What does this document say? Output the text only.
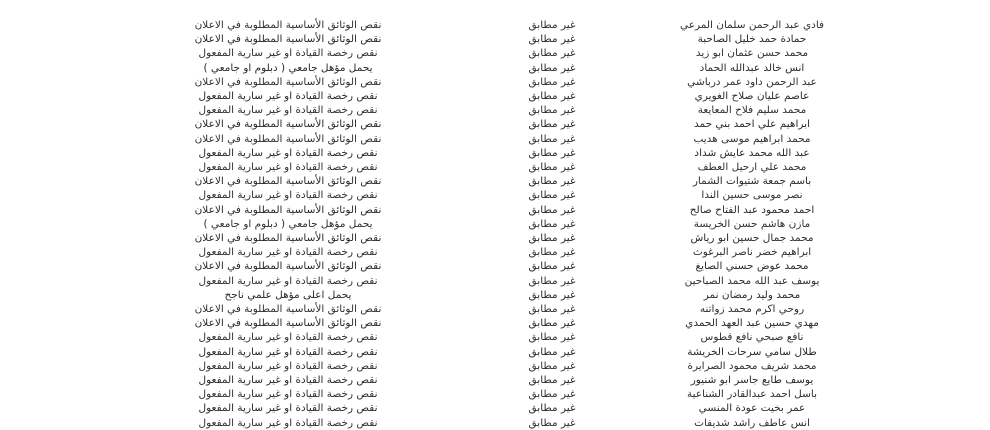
فادي عبد الرحمن سلمان المرعي	غير مطابق	نقص الوثائق الأساسية المطلوبة في الاعلان
حمادة حمد خليل الصاحبة	غير مطابق	نقص الوثائق الأساسية المطلوبة في الاعلان
محمد حسن عثمان ابو زيد	غير مطابق	نقص رخصة القيادة او غير سارية المفعول
انس خالد عبدالله الحماد	غير مطابق	يحمل مؤهل جامعي ( دبلوم او جامعي )
عبد الرحمن داود عمر درباشي	غير مطابق	نقص الوثائق الأساسية المطلوبة في الاعلان
عاصم عليان صلاح الغويري	غير مطابق	نقص رخصة القيادة او غير سارية المفعول
محمد سليم فلاح المعايعة	غير مطابق	نقص رخصة القيادة او غير سارية المفعول
ابراهيم علي احمد بني حمد	غير مطابق	نقص الوثائق الأساسية المطلوبة في الاعلان
محمد ابراهيم موسى هديب	غير مطابق	نقص الوثائق الأساسية المطلوبة في الاعلان
عبد الله محمد عايش شداد	غير مطابق	نقص رخصة القيادة او غير سارية المفعول
محمد علي ارحيل العطف	غير مطابق	نقص رخصة القيادة او غير سارية المفعول
باسم جمعة شتيوات الشمار	غير مطابق	نقص الوثائق الأساسية المطلوبة في الاعلان
نصر موسى حسين الندا	غير مطابق	نقص رخصة القيادة او غير سارية المفعول
احمد محمود عبد الفتاح صالح	غير مطابق	نقص الوثائق الأساسية المطلوبة في الاعلان
مازن هاشم حسن الخريسة	غير مطابق	يحمل مؤهل جامعي ( دبلوم او جامعي )
محمد جمال حسين ابو رياش	غير مطابق	نقص الوثائق الأساسية المطلوبة في الاعلان
ابراهيم خضر ناصر البرغوث	غير مطابق	نقص رخصة القيادة او غير سارية المفعول
محمد عوض حسني الصايغ	غير مطابق	نقص الوثائق الأساسية المطلوبة في الاعلان
يوسف عبد الله محمد الصباحين	غير مطابق	نقص رخصة القيادة او غير سارية المفعول
محمد وليد رمضان نمر	غير مطابق	يحمل اعلى مؤهل علمي ناجح
روحي اكرم محمد زواتنه	غير مطابق	نقص الوثائق الأساسية المطلوبة في الاعلان
مهدي حسين عبد العهد الحمدي	غير مطابق	نقص الوثائق الأساسية المطلوبة في الاعلان
نافع صبحي نافع قطوس	غير مطابق	نقص رخصة القيادة او غير سارية المفعول
طلال سامي سرحات الخريشة	غير مطابق	نقص رخصة القيادة او غير سارية المفعول
محمد شريف محمود الصرايرة	غير مطابق	نقص رخصة القيادة او غير سارية المفعول
يوسف طايع جاسر ابو شنيور	غير مطابق	نقص رخصة القيادة او غير سارية المفعول
باسل احمد عبدالقادر الشناعية	غير مطابق	نقص رخصة القيادة او غير سارية المفعول
عمر بخيت عودة المنسي	غير مطابق	نقص رخصة القيادة او غير سارية المفعول
انس عاطف راشد شديفات	غير مطابق	نقص رخصة القيادة او غير سارية المفعول
